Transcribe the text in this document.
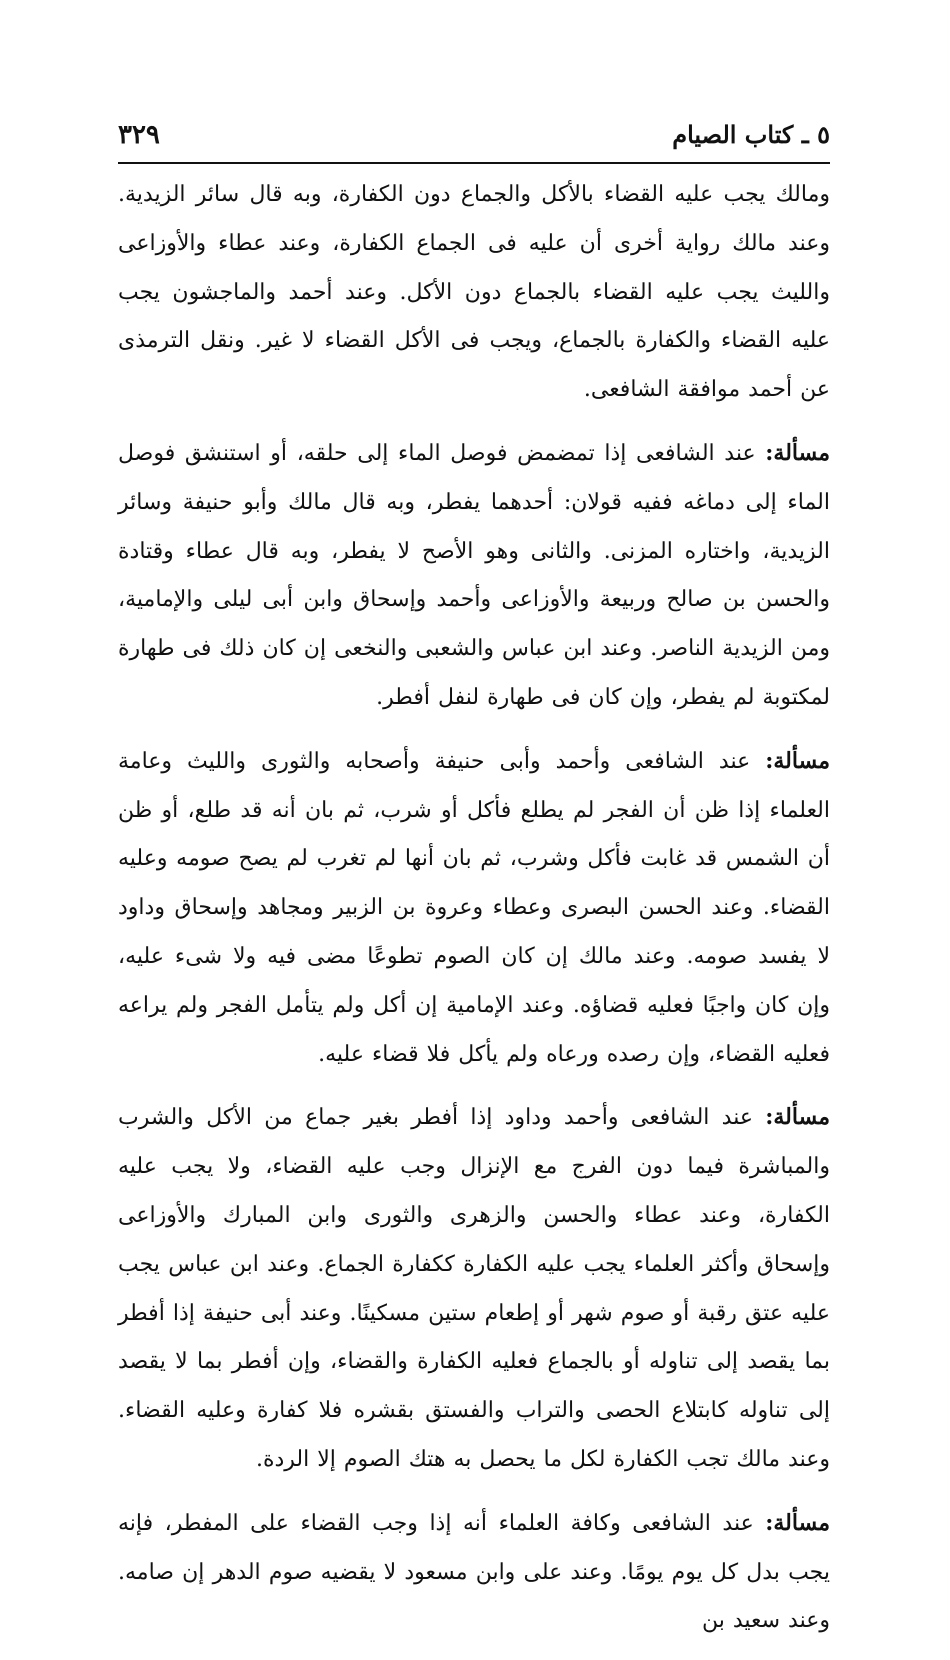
٥ ـ كتاب الصيام
٣٢٩

ومالك يجب عليه القضاء بالأكل والجماع دون الكفارة، وبه قال سائر الزيدية. وعند مالك رواية أخرى أن عليه فى الجماع الكفارة، وعند عطاء والأوزاعى والليث يجب عليه القضاء بالجماع دون الأكل. وعند أحمد والماجشون يجب عليه القضاء والكفارة بالجماع، ويجب فى الأكل القضاء لا غير. ونقل الترمذى عن أحمد موافقة الشافعى.

مسألة: عند الشافعى إذا تمضمض فوصل الماء إلى حلقه، أو استنشق فوصل الماء إلى دماغه ففيه قولان: أحدهما يفطر، وبه قال مالك وأبو حنيفة وسائر الزيدية، واختاره المزنى. والثانى وهو الأصح لا يفطر، وبه قال عطاء وقتادة والحسن بن صالح وربيعة والأوزاعى وأحمد وإسحاق وابن أبى ليلى والإمامية، ومن الزيدية الناصر. وعند ابن عباس والشعبى والنخعى إن كان ذلك فى طهارة لمكتوبة لم يفطر، وإن كان فى طهارة لنفل أفطر.

مسألة: عند الشافعى وأحمد وأبى حنيفة وأصحابه والثورى والليث وعامة العلماء إذا ظن أن الفجر لم يطلع فأكل أو شرب، ثم بان أنه قد طلع، أو ظن أن الشمس قد غابت فأكل وشرب، ثم بان أنها لم تغرب لم يصح صومه وعليه القضاء. وعند الحسن البصرى وعطاء وعروة بن الزبير ومجاهد وإسحاق وداود لا يفسد صومه. وعند مالك إن كان الصوم تطوعًا مضى فيه ولا شىء عليه، وإن كان واجبًا فعليه قضاؤه. وعند الإمامية إن أكل ولم يتأمل الفجر ولم يراعه فعليه القضاء، وإن رصده ورعاه ولم يأكل فلا قضاء عليه.

مسألة: عند الشافعى وأحمد وداود إذا أفطر بغير جماع من الأكل والشرب والمباشرة فيما دون الفرج مع الإنزال وجب عليه القضاء، ولا يجب عليه الكفارة، وعند عطاء والحسن والزهرى والثورى وابن المبارك والأوزاعى وإسحاق وأكثر العلماء يجب عليه الكفارة ككفارة الجماع. وعند ابن عباس يجب عليه عتق رقبة أو صوم شهر أو إطعام ستين مسكينًا. وعند أبى حنيفة إذا أفطر بما يقصد إلى تناوله أو بالجماع فعليه الكفارة والقضاء، وإن أفطر بما لا يقصد إلى تناوله كابتلاع الحصى والتراب والفستق بقشره فلا كفارة وعليه القضاء. وعند مالك تجب الكفارة لكل ما يحصل به هتك الصوم إلا الردة.

مسألة: عند الشافعى وكافة العلماء أنه إذا وجب القضاء على المفطر، فإنه يجب بدل كل يوم يومًا. وعند على وابن مسعود لا يقضيه صوم الدهر إن صامه. وعند سعيد بن
